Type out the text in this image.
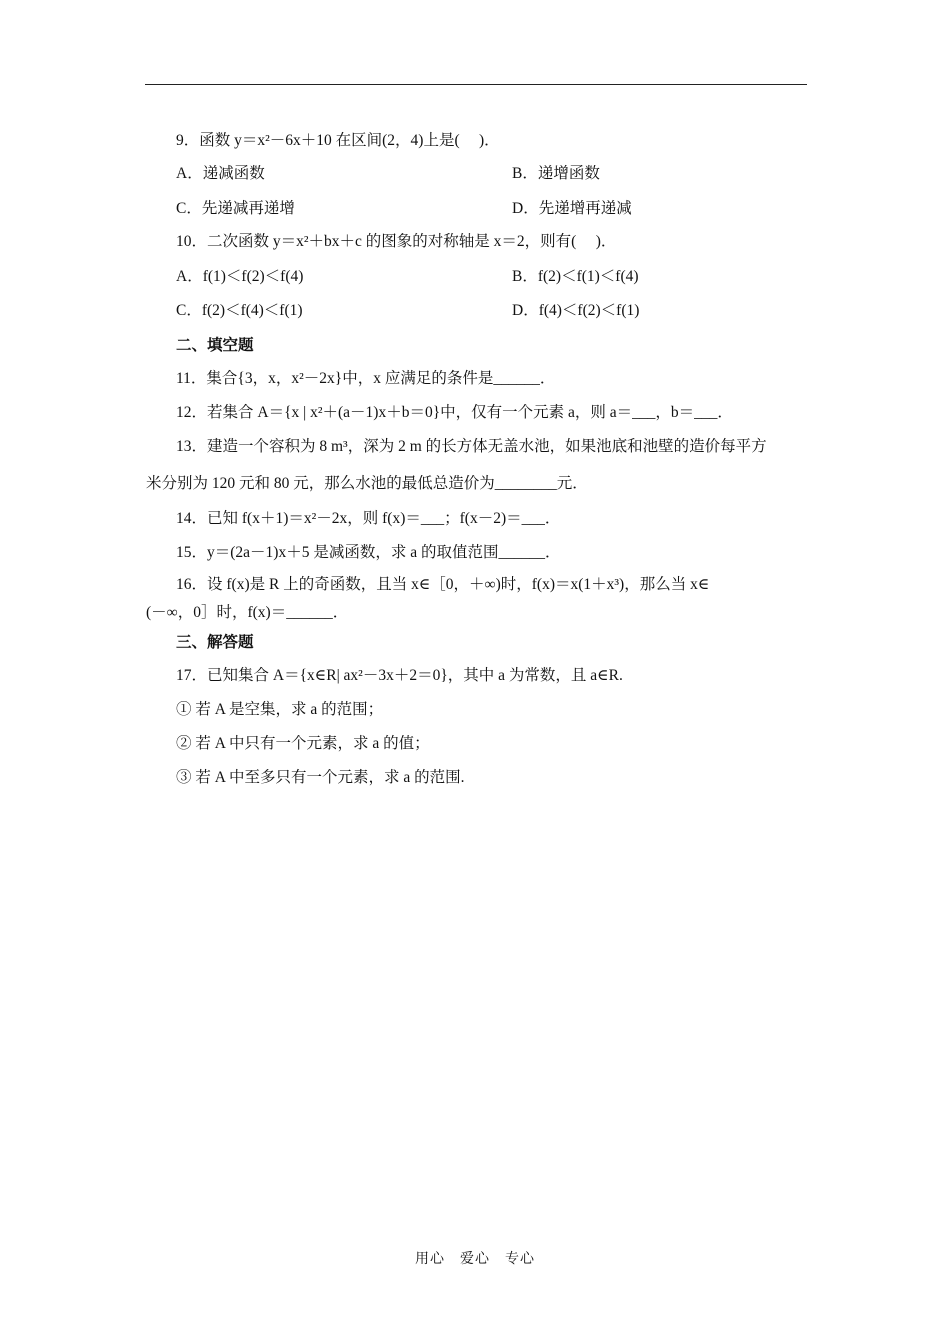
9．函数 y＝x²－6x＋10 在区间(2，4)上是(　 )．
A．递减函数	B．递增函数
C．先递减再递增	D．先递增再递减
10．二次函数 y＝x²＋bx＋c 的图象的对称轴是 x＝2，则有(　 )．
A．f(1)＜f(2)＜f(4)	B．f(2)＜f(1)＜f(4)
C．f(2)＜f(4)＜f(1)	D．f(4)＜f(2)＜f(1)
二、填空题
11．集合{3，x，x²－2x}中，x 应满足的条件是______．
12．若集合 A＝{x | x²＋(a－1)x＋b＝0}中，仅有一个元素 a，则 a＝___，b＝___．
13．建造一个容积为 8 m³，深为 2 m 的长方体无盖水池，如果池底和池壁的造价每平方
米分别为 120 元和 80 元，那么水池的最低总造价为________元．
14．已知 f(x＋1)＝x²－2x，则 f(x)＝___；f(x－2)＝___．
15．y＝(2a－1)x＋5 是减函数，求 a 的取值范围______．
16．设 f(x)是 R 上的奇函数，且当 x∈［0，＋∞)时，f(x)＝x(1＋x³)，那么当 x∈
(－∞，0］时，f(x)＝______．
三、解答题
17．已知集合 A＝{x∈R| ax²－3x＋2＝0}，其中 a 为常数，且 a∈R.
① 若 A 是空集，求 a 的范围；
② 若 A 中只有一个元素，求 a 的值；
③ 若 A 中至多只有一个元素，求 a 的范围.
用心　爱心　专心
